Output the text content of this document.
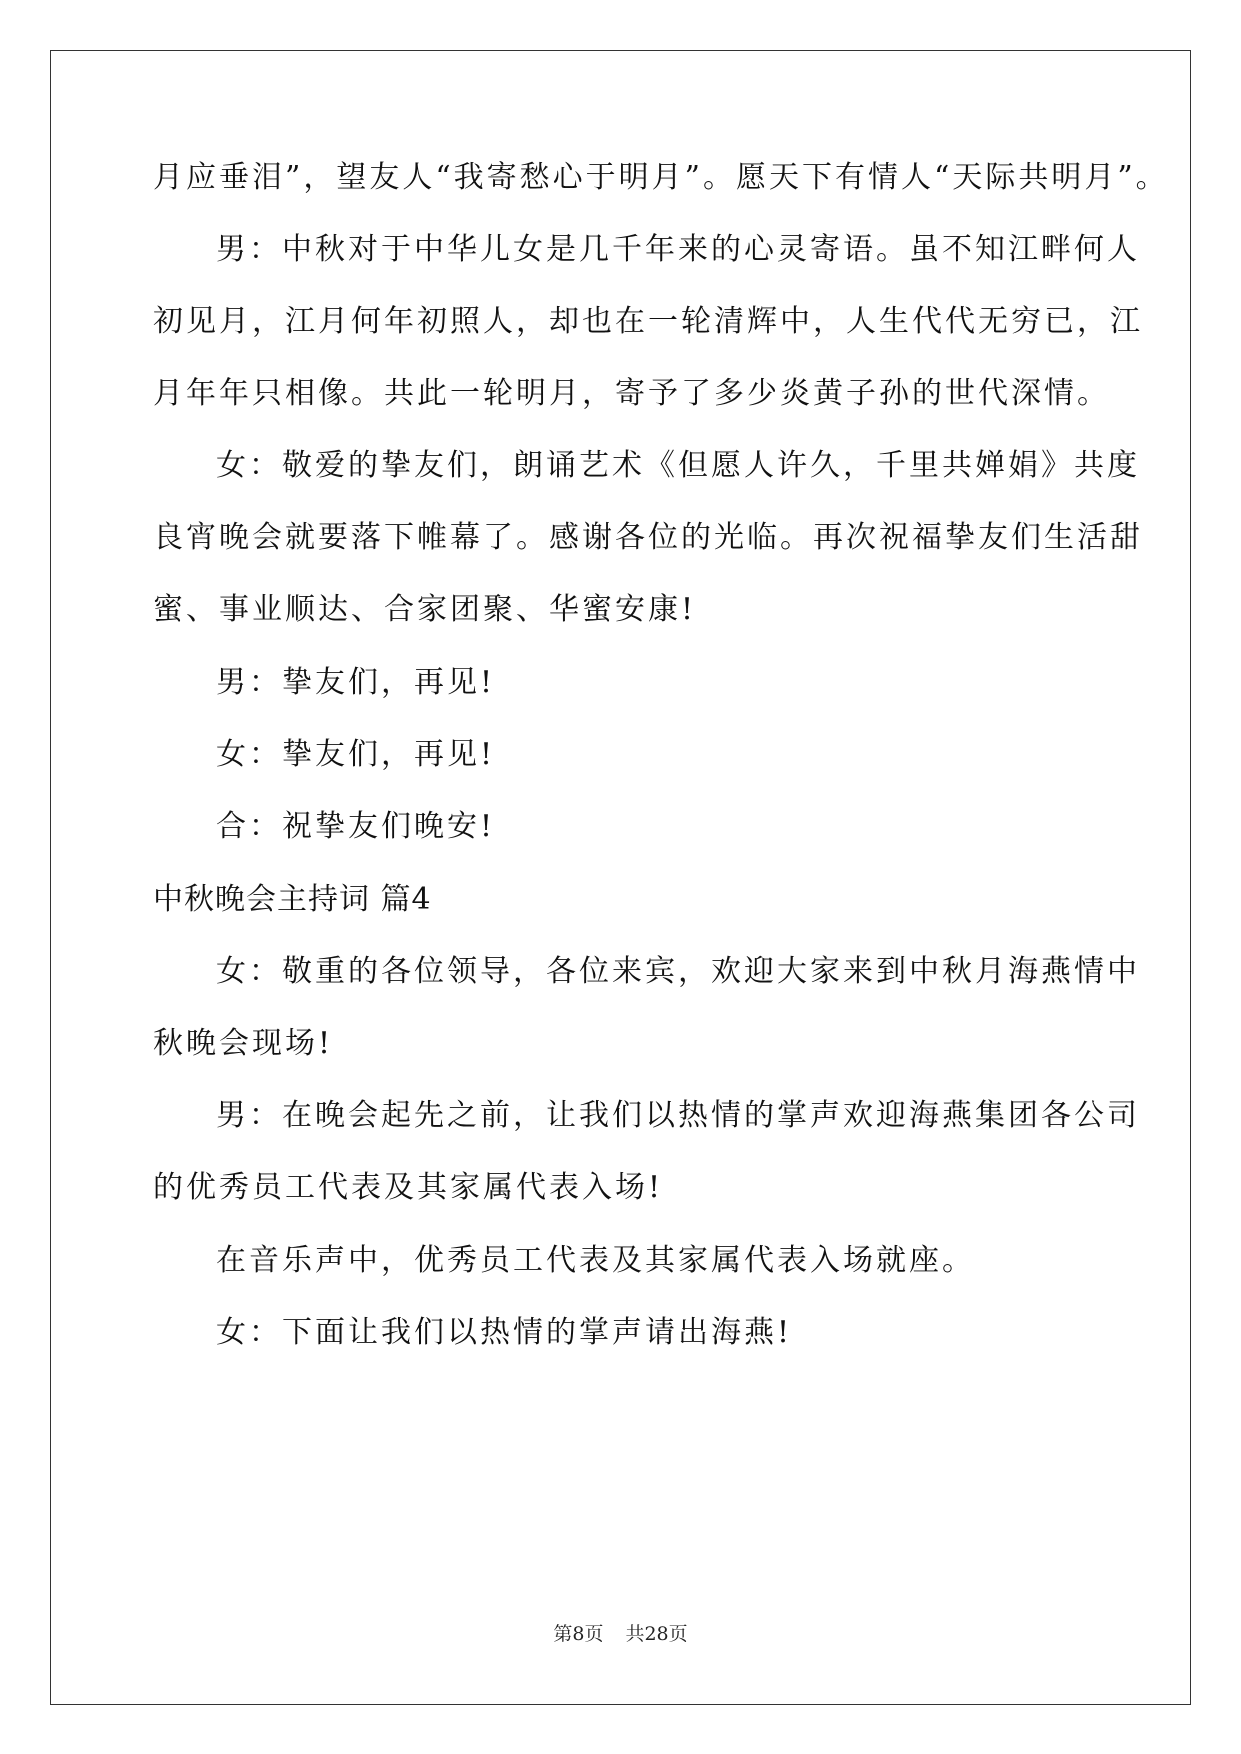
月应垂泪”，望友人“我寄愁心于明月”。愿天下有情人“天际共明月”。
男：中秋对于中华儿女是几千年来的心灵寄语。虽不知江畔何人
初见月，江月何年初照人，却也在一轮清辉中，人生代代无穷已，江
月年年只相像。共此一轮明月，寄予了多少炎黄子孙的世代深情。
女：敬爱的挚友们，朗诵艺术《但愿人许久，千里共婵娟》共度
良宵晚会就要落下帷幕了。感谢各位的光临。再次祝福挚友们生活甜
蜜、事业顺达、合家团聚、华蜜安康!
男：挚友们，再见!
女：挚友们，再见!
合：祝挚友们晚安!
中秋晚会主持词 篇4
女：敬重的各位领导，各位来宾，欢迎大家来到中秋月海燕情中
秋晚会现场!
男：在晚会起先之前，让我们以热情的掌声欢迎海燕集团各公司
的优秀员工代表及其家属代表入场!
在音乐声中，优秀员工代表及其家属代表入场就座。
女：下面让我们以热情的掌声请出海燕!
第8页 共28页
